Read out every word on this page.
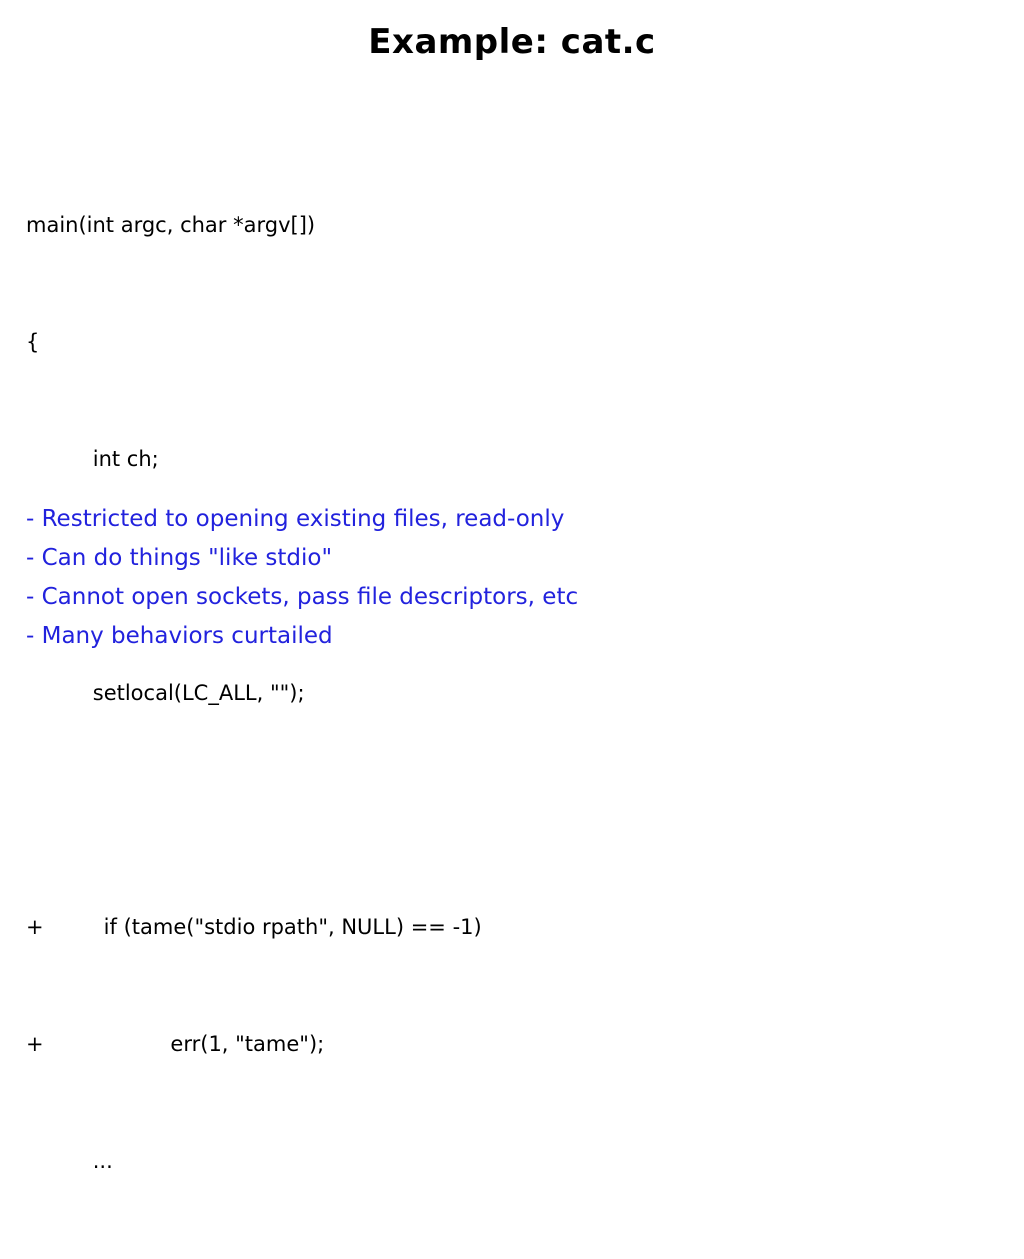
Example: cat.c

main(int argc, char *argv[])

{

int ch;

setlocal(LC_ALL, "");

+         if (tame("stdio rpath", NULL) == -1)

+                   err(1, "tame");

...

- Restricted to opening existing files, read-only
- Can do things "like stdio"
- Cannot open sockets, pass file descriptors, etc
- Many behaviors curtailed
